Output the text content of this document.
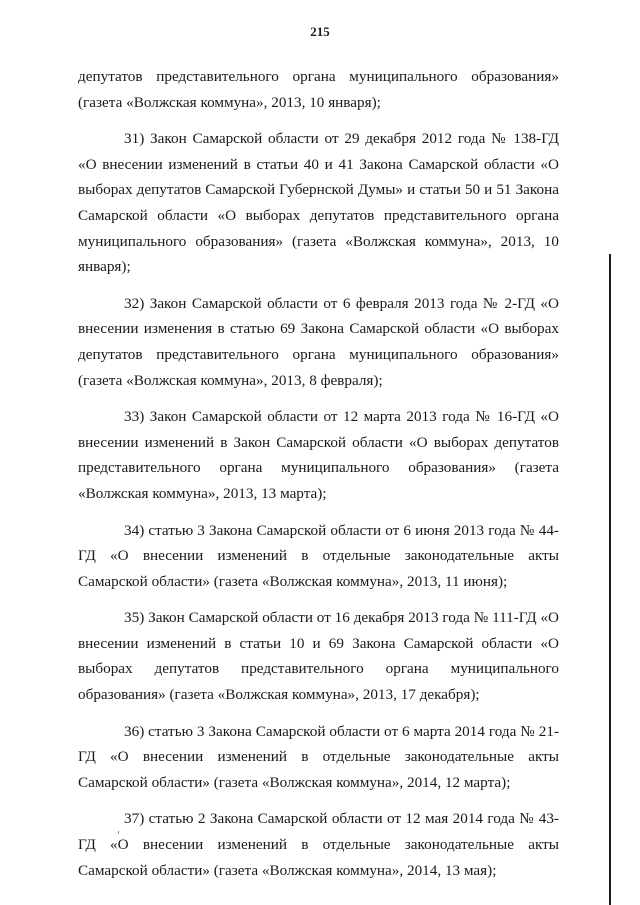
215

депутатов представительного органа муниципального образования» (газета «Волжская коммуна», 2013, 10 января);

31) Закон Самарской области от 29 декабря 2012 года № 138-ГД «О внесении изменений в статьи 40 и 41 Закона Самарской области «О выборах депутатов Самарской Губернской Думы» и статьи 50 и 51 Закона Самарской области «О выборах депутатов представительного органа муниципального образования» (газета «Волжская коммуна», 2013, 10 января);

32) Закон Самарской области от 6 февраля 2013 года № 2-ГД «О внесении изменения в статью 69 Закона Самарской области «О выборах депутатов представительного органа муниципального образования» (газета «Волжская коммуна», 2013, 8 февраля);

33) Закон Самарской области от 12 марта 2013 года № 16-ГД «О внесении изменений в Закон Самарской области «О выборах депутатов представительного органа муниципального образования» (газета «Волжская коммуна», 2013, 13 марта);

34) статью 3 Закона Самарской области от 6 июня 2013 года № 44-ГД «О внесении изменений в отдельные законодательные акты Самарской области» (газета «Волжская коммуна», 2013, 11 июня);

35) Закон Самарской области от 16 декабря 2013 года № 111-ГД «О внесении изменений в статьи 10 и 69 Закона Самарской области «О выборах депутатов представительного органа муниципального образования» (газета «Волжская коммуна», 2013, 17 декабря);

36) статью 3 Закона Самарской области от 6 марта 2014 года № 21-ГД «О внесении изменений в отдельные законодательные акты Самарской области» (газета «Волжская коммуна», 2014, 12 марта);

37) статью 2 Закона Самарской области от 12 мая 2014 года № 43-ГД «О внесении изменений в отдельные законодательные акты Самарской области» (газета «Волжская коммуна», 2014, 13 мая);
